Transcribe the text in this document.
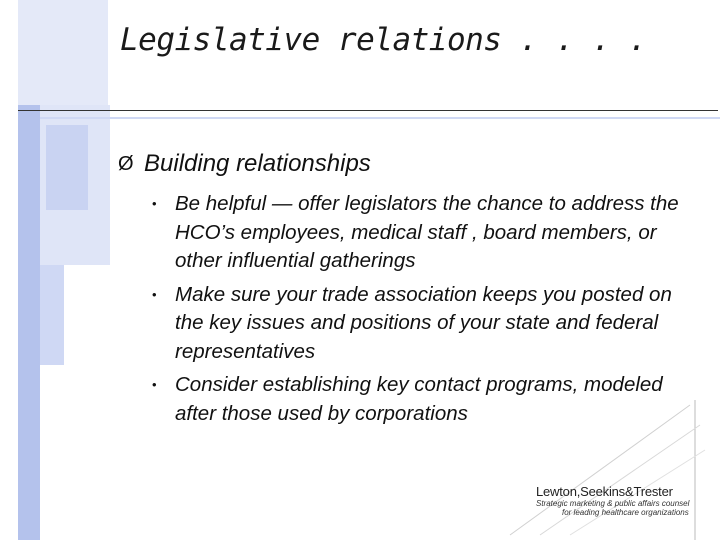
Legislative relations . . . .
Ø Building relationships
• Be helpful — offer legislators the chance to address the HCO’s employees, medical staff , board members, or other influential gatherings
• Make sure your trade association keeps you posted on the key issues and positions of your state and federal representatives
• Consider establishing key contact programs, modeled after those used by corporations
Lewton,Seekins&Trester
Strategic marketing & public affairs counsel
for leading healthcare organizations
